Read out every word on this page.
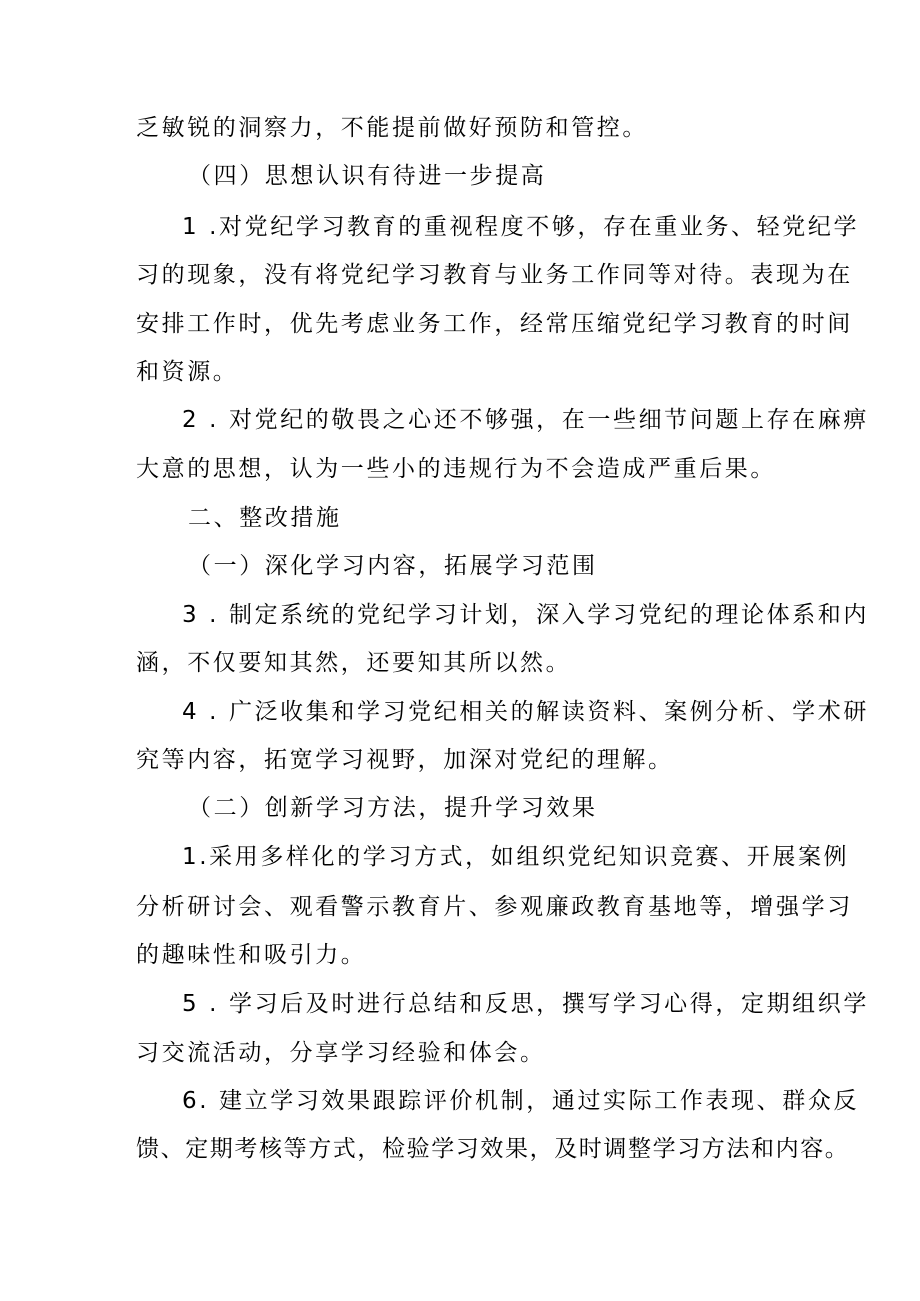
乏敏锐的洞察力，不能提前做好预防和管控。
（四）思想认识有待进一步提高
1 .对党纪学习教育的重视程度不够，存在重业务、轻党纪学
习的现象，没有将党纪学习教育与业务工作同等对待。表现为在
安排工作时，优先考虑业务工作，经常压缩党纪学习教育的时间
和资源。
2 . 对党纪的敬畏之心还不够强，在一些细节问题上存在麻痹
大意的思想，认为一些小的违规行为不会造成严重后果。
二、整改措施
（一）深化学习内容，拓展学习范围
3 . 制定系统的党纪学习计划，深入学习党纪的理论体系和内
涵，不仅要知其然，还要知其所以然。
4 . 广泛收集和学习党纪相关的解读资料、案例分析、学术研
究等内容，拓宽学习视野，加深对党纪的理解。
（二）创新学习方法，提升学习效果
1.采用多样化的学习方式，如组织党纪知识竞赛、开展案例
分析研讨会、观看警示教育片、参观廉政教育基地等，增强学习
的趣味性和吸引力。
5 . 学习后及时进行总结和反思，撰写学习心得，定期组织学
习交流活动，分享学习经验和体会。
6. 建立学习效果跟踪评价机制，通过实际工作表现、群众反
馈、定期考核等方式，检验学习效果，及时调整学习方法和内容。
